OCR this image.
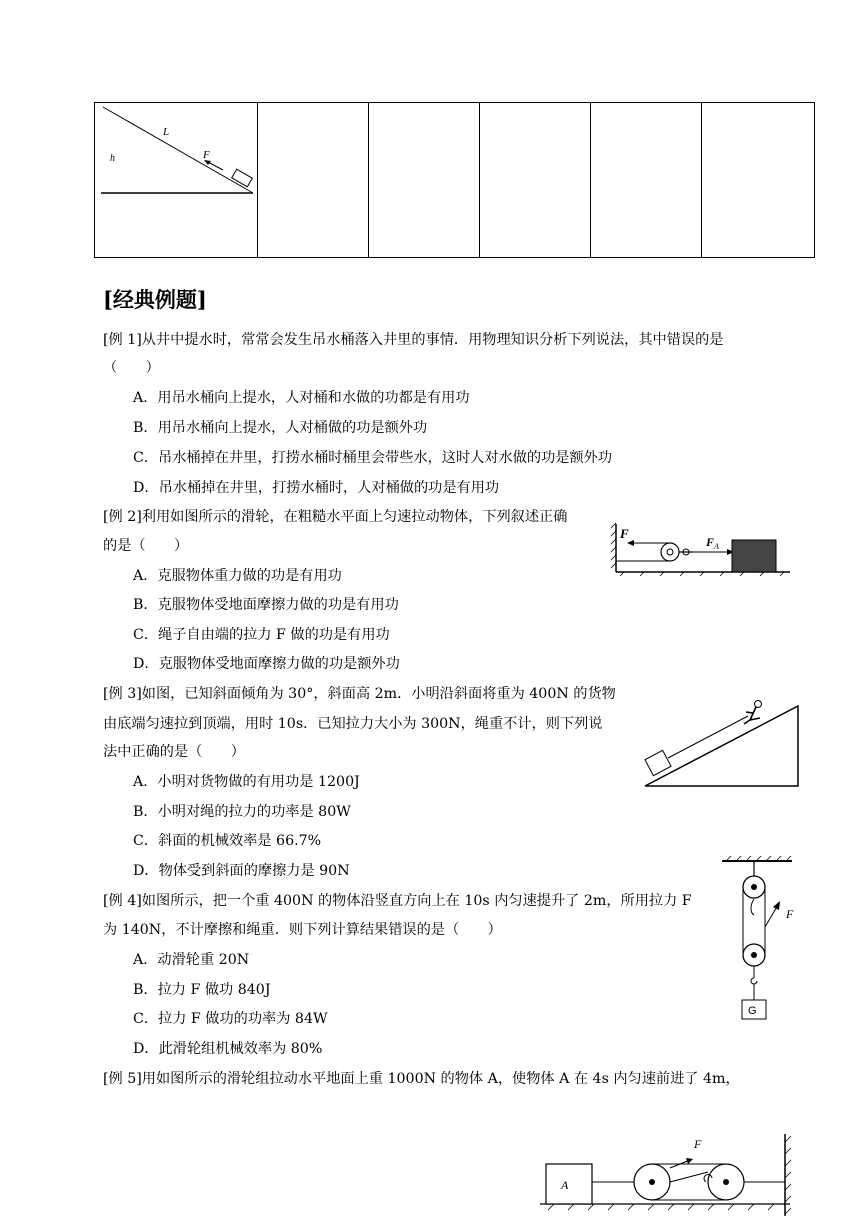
L
h	F

[经典例题]
[例 1]从井中提水时，常常会发生吊水桶落入井里的事情．用物理知识分析下列说法，其中错误的是
（　　）
A．用吊水桶向上提水，人对桶和水做的功都是有用功
B．用吊水桶向上提水，人对桶做的功是额外功
C．吊水桶掉在井里，打捞水桶时桶里会带些水，这时人对水做的功是额外功
D．吊水桶掉在井里，打捞水桶时，人对桶做的功是有用功
[例 2]利用如图所示的滑轮，在粗糙水平面上匀速拉动物体，下列叙述正确
的是（　　）
A．克服物体重力做的功是有用功
B．克服物体受地面摩擦力做的功是有用功
C．绳子自由端的拉力 F 做的功是有用功
D．克服物体受地面摩擦力做的功是额外功
F
F A
[例 3]如图，已知斜面倾角为 30°，斜面高 2m．小明沿斜面将重为 400N 的货物
由底端匀速拉到顶端，用时 10s．已知拉力大小为 300N，绳重不计，则下列说
法中正确的是（　　）
A．小明对货物做的有用功是 1200J
B．小明对绳的拉力的功率是 80W
C．斜面的机械效率是 66.7%
D．物体受到斜面的摩擦力是 90N
[例 4]如图所示，把一个重 400N 的物体沿竖直方向上在 10s 内匀速提升了 2m，所用拉力 F
为 140N，不计摩擦和绳重．则下列计算结果错误的是（　　）
A．动滑轮重 20N
B．拉力 F 做功 840J
C．拉力 F 做功的功率为 84W
D．此滑轮组机械效率为 80%
G
F
[例 5]用如图所示的滑轮组拉动水平地面上重 1000N 的物体 A，使物体 A 在 4s 内匀速前进了 4m，
A
F
